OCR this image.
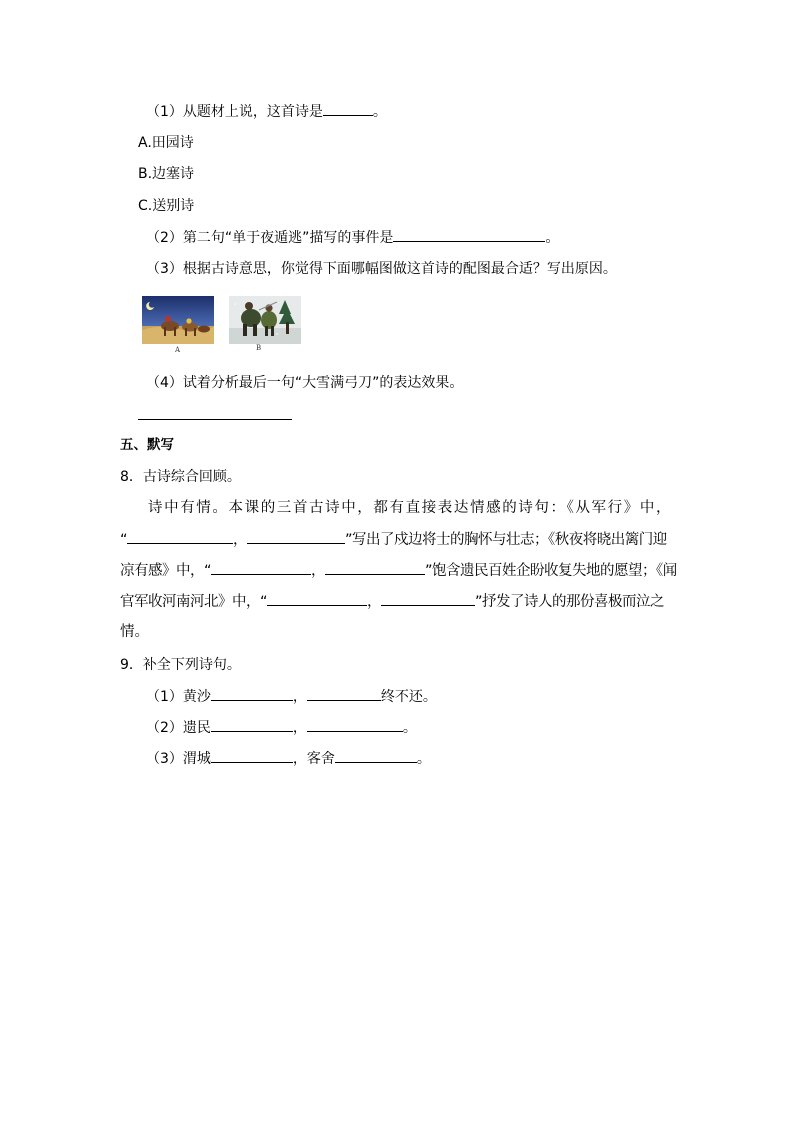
（1）从题材上说，这首诗是	。
A.田园诗
B.边塞诗
C.送别诗
（2）第二句“单于夜遁逃”描写的事件是	。
（3）根据古诗意思，你觉得下面哪幅图做这首诗的配图最合适？写出原因。
A	B
（4）试着分析最后一句“大雪满弓刀”的表达效果。
五、默写
8．古诗综合回顾。
诗中有情。本课的三首古诗中，都有直接表达情感的诗句：《从军行》中，
“	，	”写出了戍边将士的胸怀与壮志；《秋夜将晓出篱门迎
凉有感》中，“	，	”饱含遗民百姓企盼收复失地的愿望；《闻
官军收河南河北》中，“	，	”抒发了诗人的那份喜极而泣之
情。
9．补全下列诗句。
（1）黄沙	，	终不还。
（2）遗民	，	。
（3）渭城	，客舍	。
